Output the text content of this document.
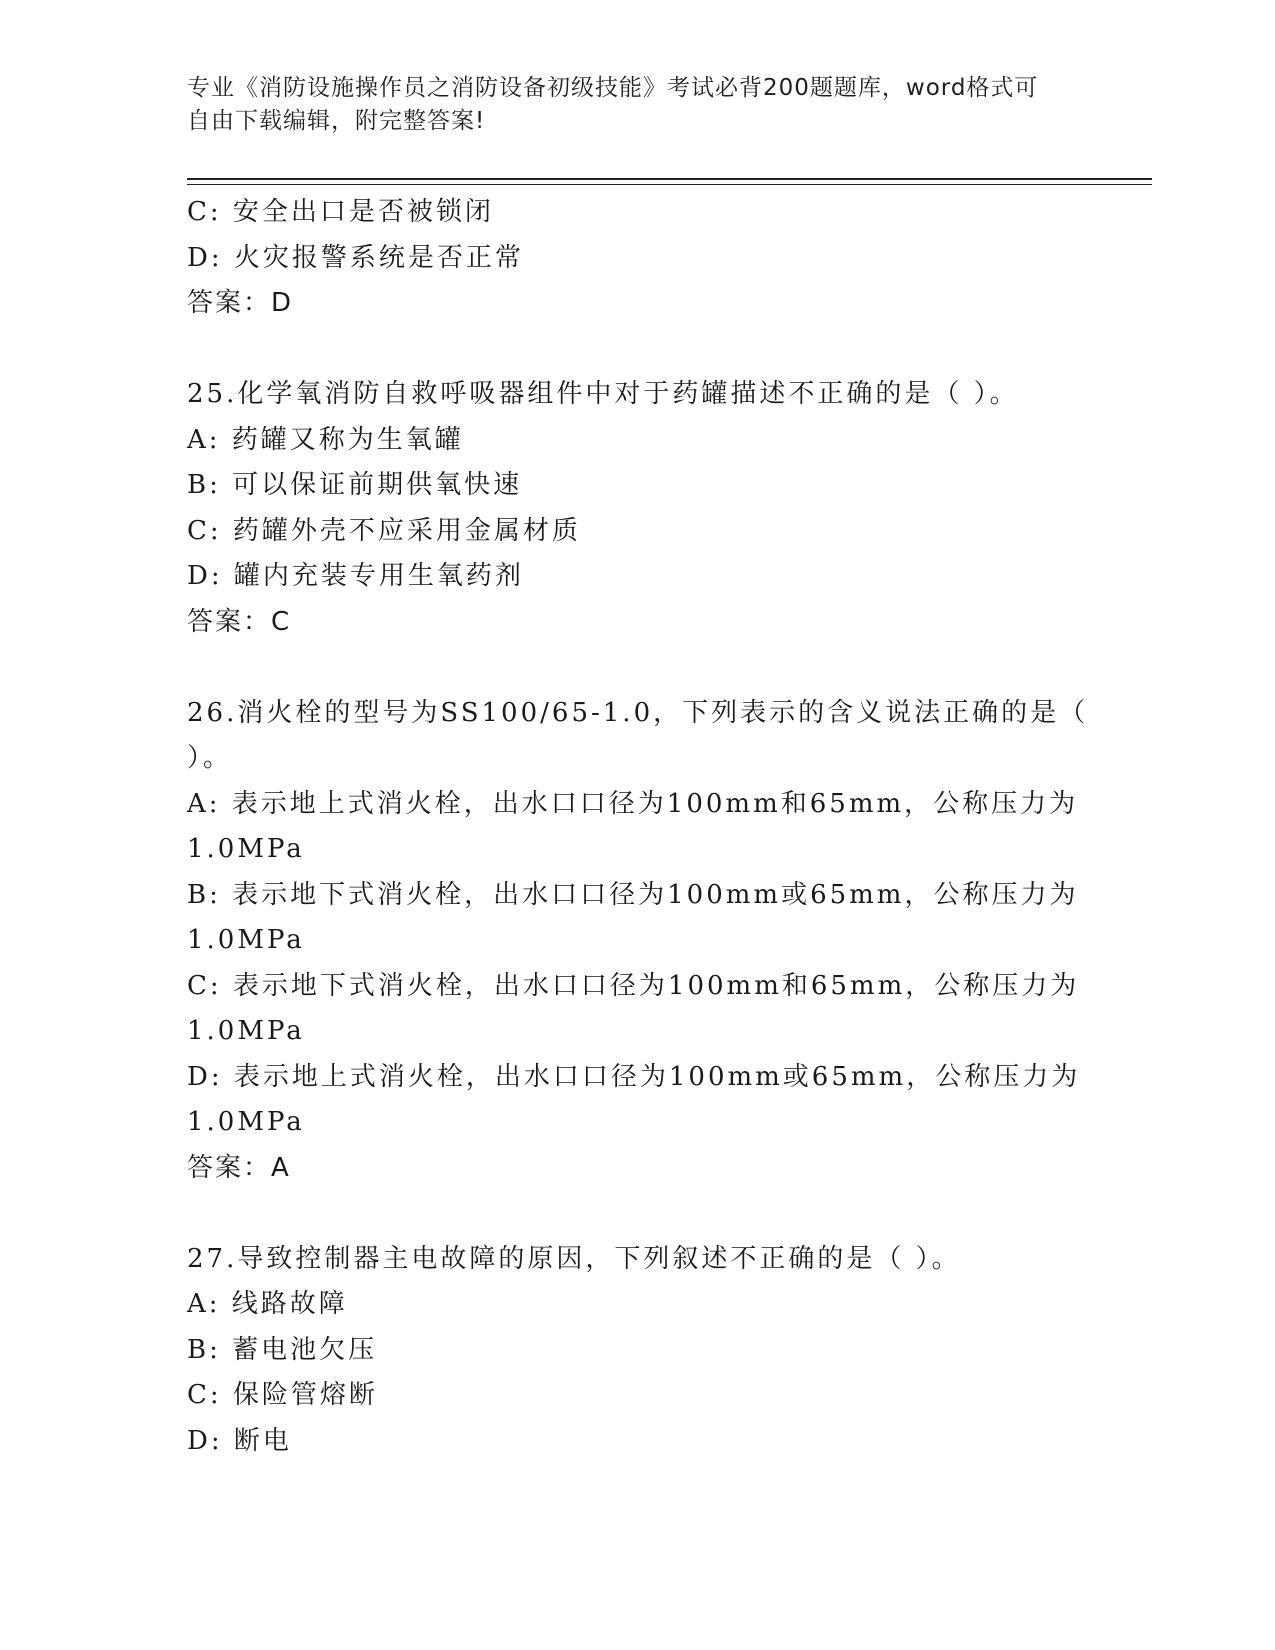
专业《消防设施操作员之消防设备初级技能》考试必背200题题库，word格式可
自由下载编辑，附完整答案!
C: 安全出口是否被锁闭
D: 火灾报警系统是否正常
答案：D
25.化学氧消防自救呼吸器组件中对于药罐描述不正确的是（ ）。
A: 药罐又称为生氧罐
B: 可以保证前期供氧快速
C: 药罐外壳不应采用金属材质
D: 罐内充装专用生氧药剂
答案：C
26.消火栓的型号为SS100/65-1.0，下列表示的含义说法正确的是（
）。
A: 表示地上式消火栓，出水口口径为100mm和65mm，公称压力为
1.0MPa
B: 表示地下式消火栓，出水口口径为100mm或65mm，公称压力为
1.0MPa
C: 表示地下式消火栓，出水口口径为100mm和65mm，公称压力为
1.0MPa
D: 表示地上式消火栓，出水口口径为100mm或65mm，公称压力为
1.0MPa
答案：A
27.导致控制器主电故障的原因，下列叙述不正确的是（ ）。
A: 线路故障
B: 蓄电池欠压
C: 保险管熔断
D: 断电
